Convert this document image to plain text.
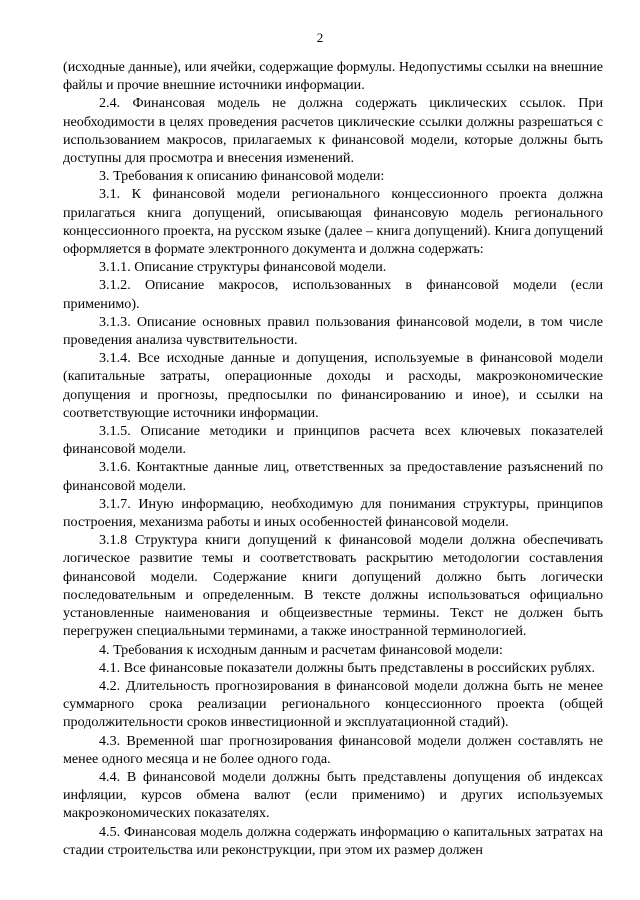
2

(исходные данные), или ячейки, содержащие формулы. Недопустимы ссылки на внешние файлы и прочие внешние источники информации.

2.4. Финансовая модель не должна содержать циклических ссылок. При необходимости в целях проведения расчетов циклические ссылки должны разрешаться с использованием макросов, прилагаемых к финансовой модели, которые должны быть доступны для просмотра и внесения изменений.

3. Требования к описанию финансовой модели:

3.1. К финансовой модели регионального концессионного проекта должна прилагаться книга допущений, описывающая финансовую модель регионального концессионного проекта, на русском языке (далее – книга допущений). Книга допущений оформляется в формате электронного документа и должна содержать:

3.1.1. Описание структуры финансовой модели.

3.1.2. Описание макросов, использованных в финансовой модели (если применимо).

3.1.3. Описание основных правил пользования финансовой модели, в том числе проведения анализа чувствительности.

3.1.4. Все исходные данные и допущения, используемые в финансовой модели (капитальные затраты, операционные доходы и расходы, макроэкономические допущения и прогнозы, предпосылки по финансированию и иное), и ссылки на соответствующие источники информации.

3.1.5. Описание методики и принципов расчета всех ключевых показателей финансовой модели.

3.1.6. Контактные данные лиц, ответственных за предоставление разъяснений по финансовой модели.

3.1.7. Иную информацию, необходимую для понимания структуры, принципов построения, механизма работы и иных особенностей финансовой модели.

3.1.8 Структура книги допущений к финансовой модели должна обеспечивать логическое развитие темы и соответствовать раскрытию методологии составления финансовой модели. Содержание книги допущений должно быть логически последовательным и определенным. В тексте должны использоваться официально установленные наименования и общеизвестные термины. Текст не должен быть перегружен специальными терминами, а также иностранной терминологией.

4. Требования к исходным данным и расчетам финансовой модели:

4.1. Все финансовые показатели должны быть представлены в российских рублях.

4.2. Длительность прогнозирования в финансовой модели должна быть не менее суммарного срока реализации регионального концессионного проекта (общей продолжительности сроков инвестиционной и эксплуатационной стадий).

4.3. Временной шаг прогнозирования финансовой модели должен составлять не менее одного месяца и не более одного года.

4.4. В финансовой модели должны быть представлены допущения об индексах инфляции, курсов обмена валют (если применимо) и других используемых макроэкономических показателях.

4.5. Финансовая модель должна содержать информацию о капитальных затратах на стадии строительства или реконструкции, при этом их размер должен
